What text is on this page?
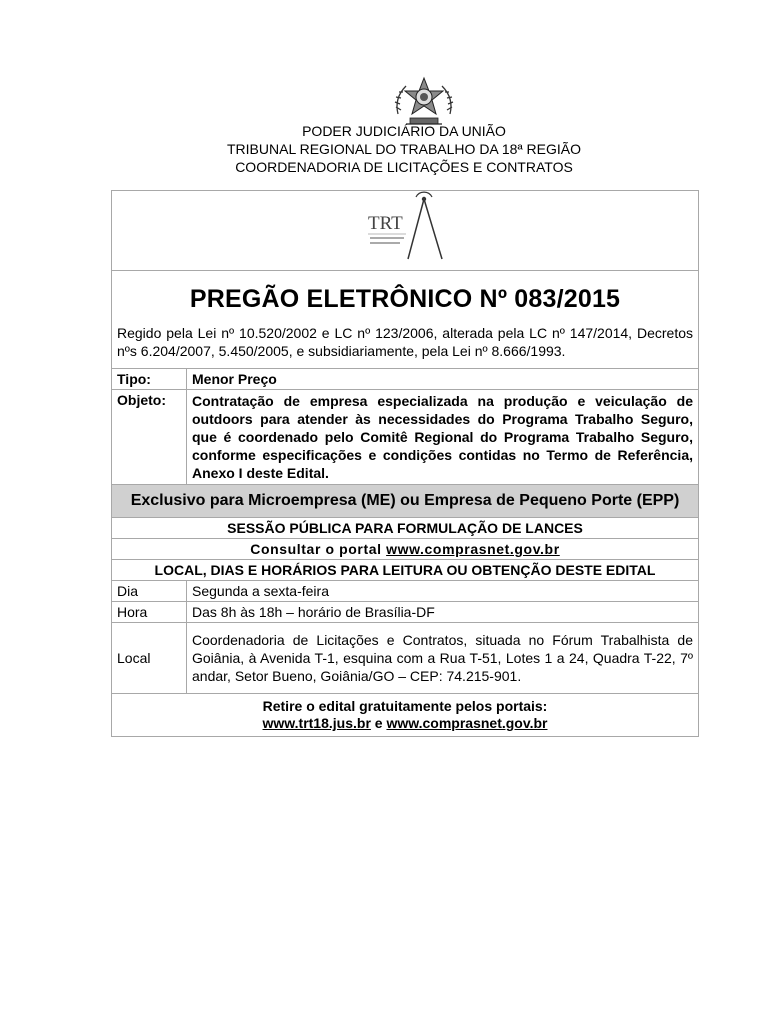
PODER JUDICIÁRIO DA UNIÃO
TRIBUNAL REGIONAL DO TRABALHO DA 18ª REGIÃO
COORDENADORIA DE LICITAÇÕES E CONTRATOS
TRT	

PREGÃO ELETRÔNICO Nº 083/2015	

Regido pela Lei nº 10.520/2002 e LC nº 123/2006, alterada pela LC nº 147/2014, Decretos nºs 6.204/2007, 5.450/2005, e subsidiariamente, pela Lei nº 8.666/1993.	
Tipo:	Menor Preço
Objeto:	Contratação de empresa especializada na produção e veiculação de outdoors para atender às necessidades do Programa Trabalho Seguro, que é coordenado pelo Comitê Regional do Programa Trabalho Seguro, conforme especificações e condições contidas no Termo de Referência, Anexo I deste Edital.
Exclusivo para Microempresa (ME) ou Empresa de Pequeno Porte (EPP)	
SESSÃO PÚBLICA PARA FORMULAÇÃO DE LANCES	
Consultar o portal www.comprasnet.gov.br	
LOCAL, DIAS E HORÁRIOS PARA LEITURA OU OBTENÇÃO DESTE EDITAL	
Dia	Segunda a sexta-feira
Hora	Das 8h às 18h – horário de Brasília-DF
Local	Coordenadoria de Licitações e Contratos, situada no Fórum Trabalhista de Goiânia, à Avenida T-1, esquina com a Rua T-51, Lotes 1 a 24, Quadra T-22, 7º andar, Setor Bueno, Goiânia/GO – CEP: 74.215-901.

Retire o edital gratuitamente pelos portais:
www.trt18.jus.br e www.comprasnet.gov.br	
